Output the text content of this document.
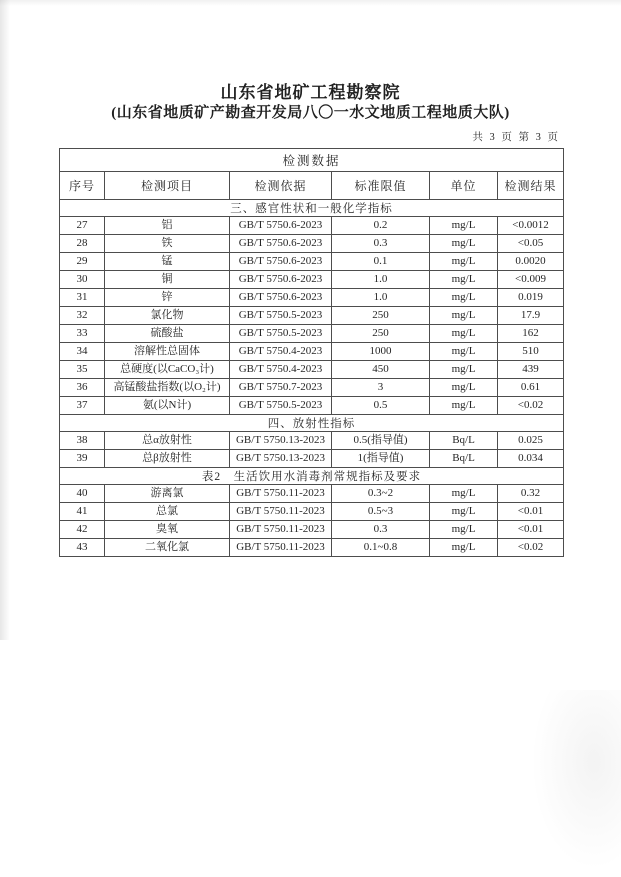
山东省地矿工程勘察院
(山东省地质矿产勘查开发局八〇一水文地质工程地质大队)
共 3 页 第 3 页
检测数据					
序号	检测项目	检测依据	标准限值	单位	检测结果
三、感官性状和一般化学指标					
27	铝	GB/T 5750.6-2023	0.2	mg/L	<0.0012
28	铁	GB/T 5750.6-2023	0.3	mg/L	<0.05
29	锰	GB/T 5750.6-2023	0.1	mg/L	0.0020
30	铜	GB/T 5750.6-2023	1.0	mg/L	<0.009
31	锌	GB/T 5750.6-2023	1.0	mg/L	0.019
32	氯化物	GB/T 5750.5-2023	250	mg/L	17.9
33	硫酸盐	GB/T 5750.5-2023	250	mg/L	162
34	溶解性总固体	GB/T 5750.4-2023	1000	mg/L	510
35	总硬度(以CaCO₃计)	GB/T 5750.4-2023	450	mg/L	439
36	高锰酸盐指数(以O₂计)	GB/T 5750.7-2023	3	mg/L	0.61
37	氨(以N计)	GB/T 5750.5-2023	0.5	mg/L	<0.02
四、放射性指标					
38	总α放射性	GB/T 5750.13-2023	0.5(指导值)	Bq/L	0.025
39	总β放射性	GB/T 5750.13-2023	1(指导值)	Bq/L	0.034
表2　生活饮用水消毒剂常规指标及要求					
40	游离氯	GB/T 5750.11-2023	0.3~2	mg/L	0.32
41	总氯	GB/T 5750.11-2023	0.5~3	mg/L	<0.01
42	臭氧	GB/T 5750.11-2023	0.3	mg/L	<0.01
43	二氧化氯	GB/T 5750.11-2023	0.1~0.8	mg/L	<0.02
